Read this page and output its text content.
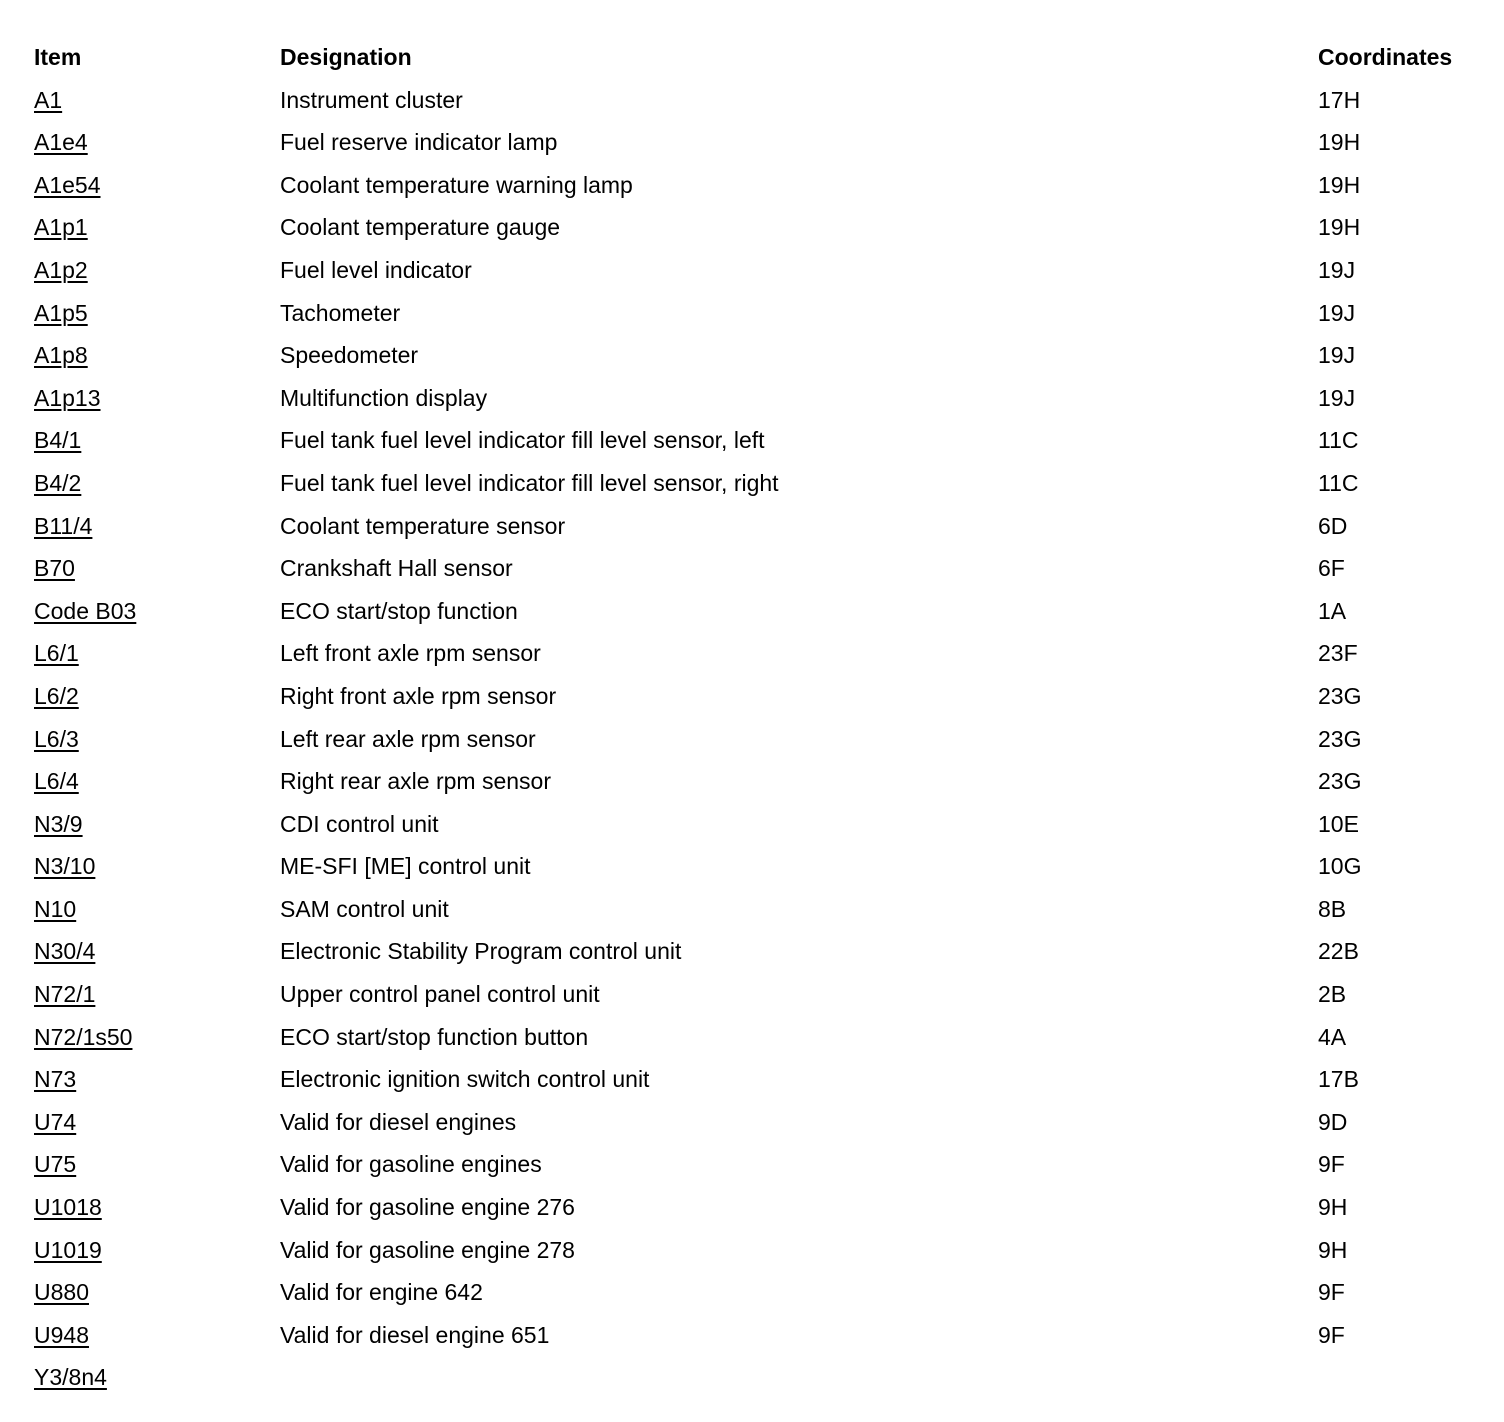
Item	Designation	Coordinates
A1	Instrument cluster	17H
A1e4	Fuel reserve indicator lamp	19H
A1e54	Coolant temperature warning lamp	19H
A1p1	Coolant temperature gauge	19H
A1p2	Fuel level indicator	19J
A1p5	Tachometer	19J
A1p8	Speedometer	19J
A1p13	Multifunction display	19J
B4/1	Fuel tank fuel level indicator fill level sensor, left	11C
B4/2	Fuel tank fuel level indicator fill level sensor, right	11C
B11/4	Coolant temperature sensor	6D
B70	Crankshaft Hall sensor	6F
Code B03	ECO start/stop function	1A
L6/1	Left front axle rpm sensor	23F
L6/2	Right front axle rpm sensor	23G
L6/3	Left rear axle rpm sensor	23G
L6/4	Right rear axle rpm sensor	23G
N3/9	CDI control unit	10E
N3/10	ME-SFI [ME] control unit	10G
N10	SAM control unit	8B
N30/4	Electronic Stability Program control unit	22B
N72/1	Upper control panel control unit	2B
N72/1s50	ECO start/stop function button	4A
N73	Electronic ignition switch control unit	17B
U74	Valid for diesel engines	9D
U75	Valid for gasoline engines	9F
U1018	Valid for gasoline engine 276	9H
U1019	Valid for gasoline engine 278	9H
U880	Valid for engine 642	9F
U948	Valid for diesel engine 651	9F
Y3/8n4
